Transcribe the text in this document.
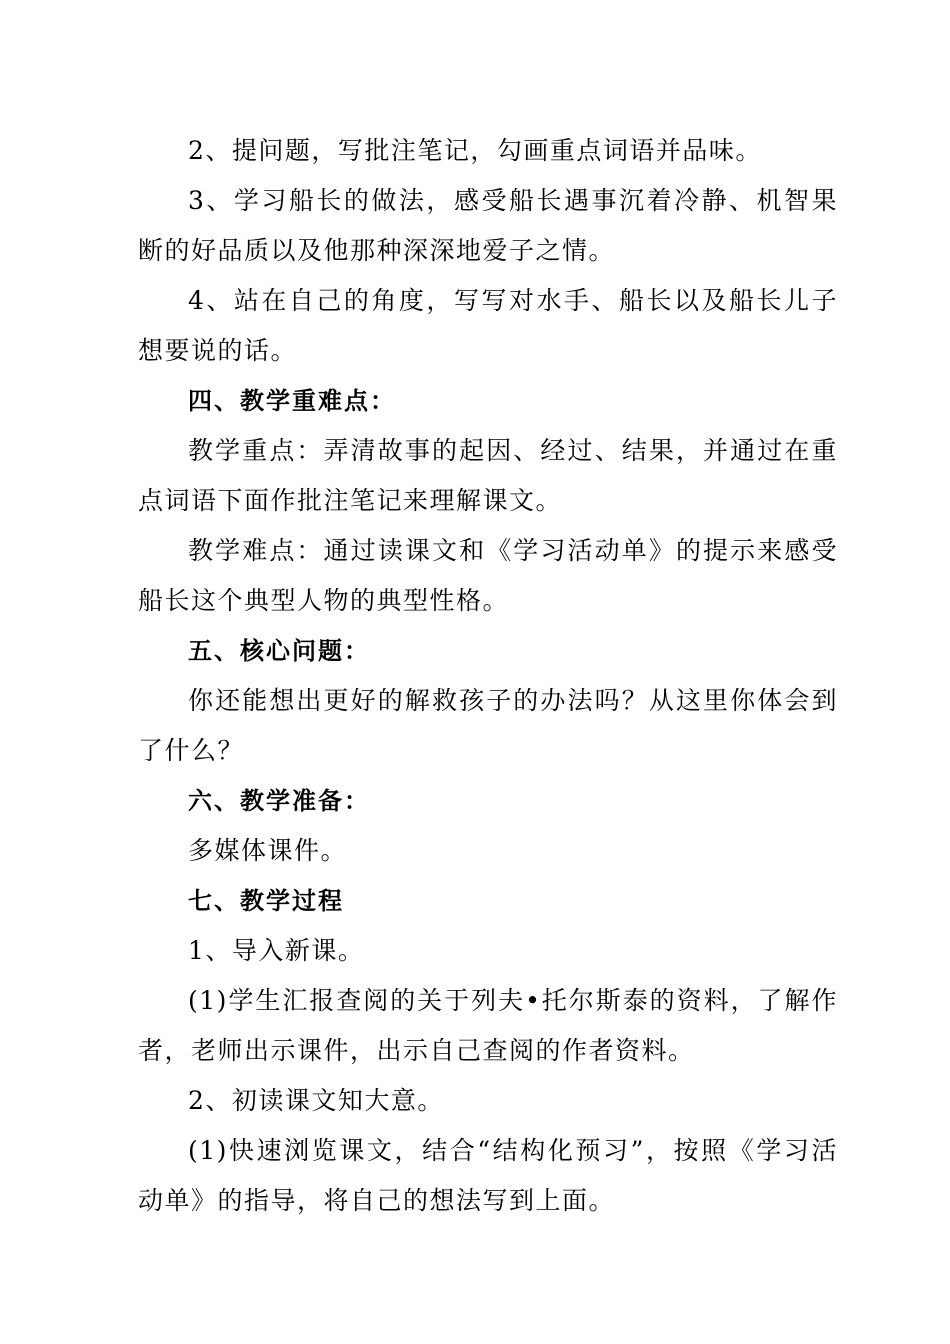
2、提问题，写批注笔记，勾画重点词语并品味。

3、学习船长的做法，感受船长遇事沉着冷静、机智果断的好品质以及他那种深深地爱子之情。

4、站在自己的角度，写写对水手、船长以及船长儿子想要说的话。

四、教学重难点：

教学重点：弄清故事的起因、经过、结果，并通过在重点词语下面作批注笔记来理解课文。

教学难点：通过读课文和《学习活动单》的提示来感受船长这个典型人物的典型性格。

五、核心问题：

你还能想出更好的解救孩子的办法吗？从这里你体会到了什么？

六、教学准备：

多媒体课件。

七、教学过程

1、导入新课。

(1)学生汇报查阅的关于列夫•托尔斯泰的资料，了解作者，老师出示课件，出示自己查阅的作者资料。

2、初读课文知大意。

(1)快速浏览课文，结合“结构化预习”，按照《学习活动单》的指导，将自己的想法写到上面。
